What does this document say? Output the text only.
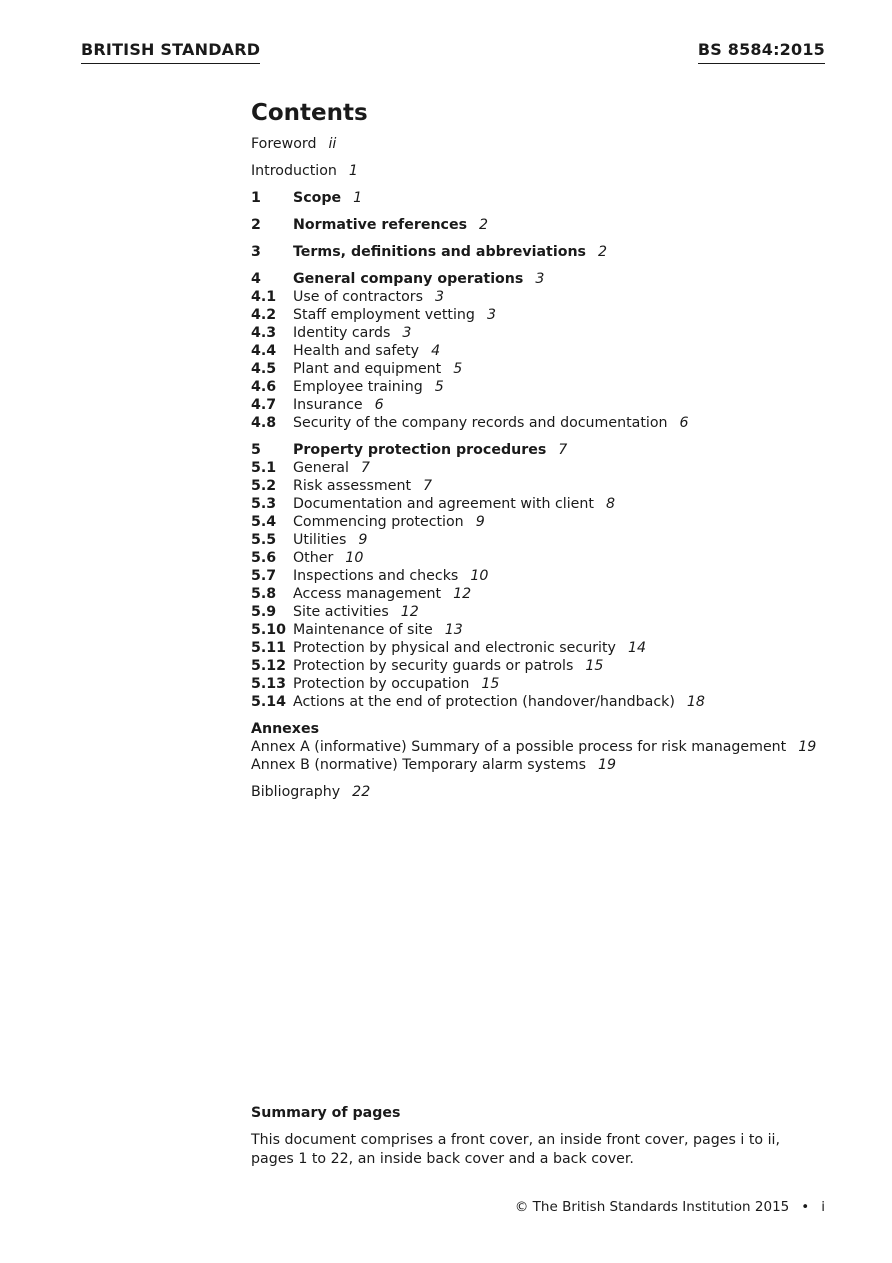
BRITISH STANDARD	BS 8584:2015
Contents
Foreword ii
Introduction 1
1	Scope 1
2	Normative references 2
3	Terms, definitions and abbreviations 2
4	General company operations 3
4.1	Use of contractors 3
4.2	Staff employment vetting 3
4.3	Identity cards 3
4.4	Health and safety 4
4.5	Plant and equipment 5
4.6	Employee training 5
4.7	Insurance 6
4.8	Security of the company records and documentation 6
5	Property protection procedures 7
5.1	General 7
5.2	Risk assessment 7
5.3	Documentation and agreement with client 8
5.4	Commencing protection 9
5.5	Utilities 9
5.6	Other 10
5.7	Inspections and checks 10
5.8	Access management 12
5.9	Site activities 12
5.10 Maintenance of site 13
5.11 Protection by physical and electronic security 14
5.12 Protection by security guards or patrols 15
5.13 Protection by occupation 15
5.14 Actions at the end of protection (handover/handback) 18
Annexes
Annex A (informative) Summary of a possible process for risk management 19
Annex B (normative) Temporary alarm systems 19
Bibliography 22
Summary of pages
This document comprises a front cover, an inside front cover, pages i to ii, pages 1 to 22, an inside back cover and a back cover.
© The British Standards Institution 2015 • i
